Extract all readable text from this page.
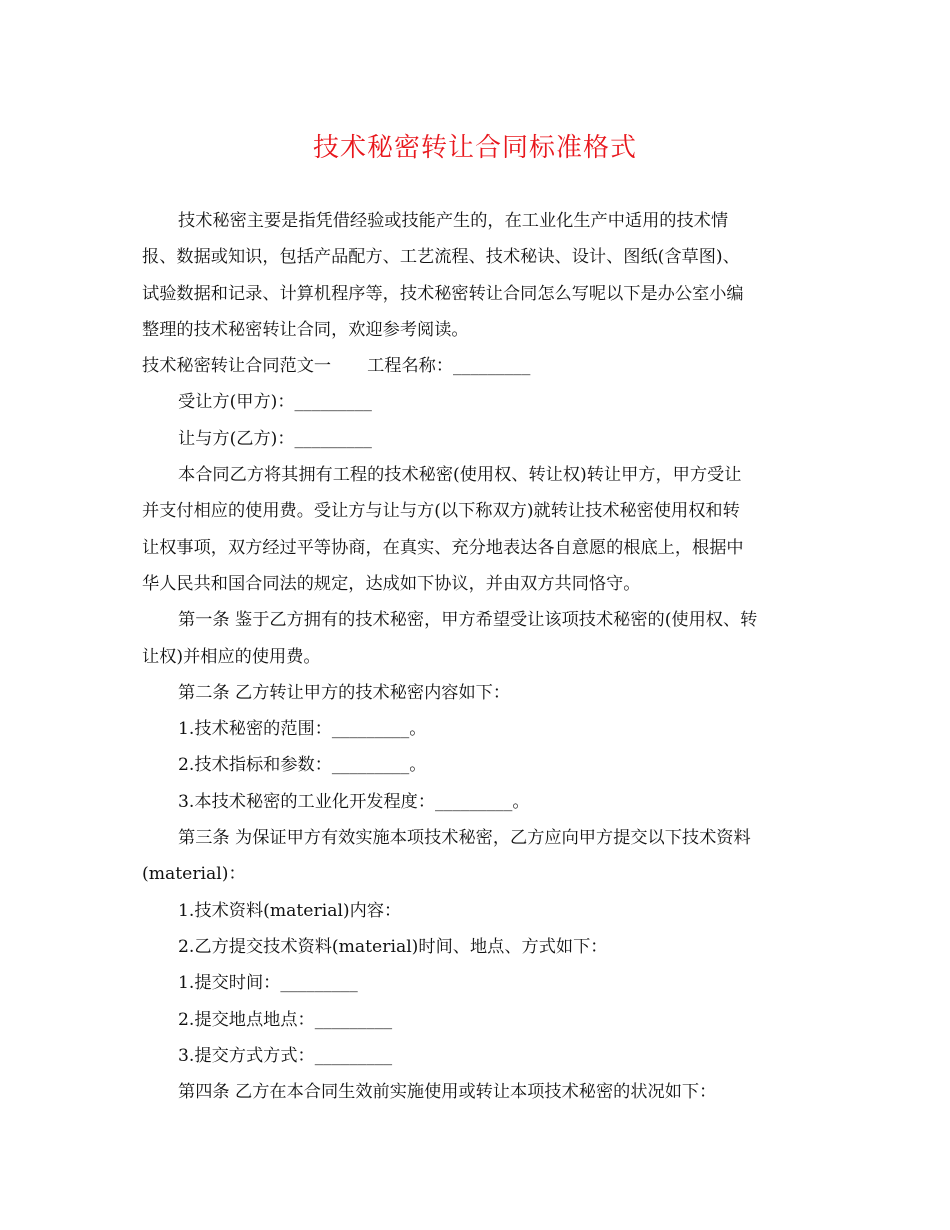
技术秘密转让合同标准格式

技术秘密主要是指凭借经验或技能产生的，在工业化生产中适用的技术情

报、数据或知识，包括产品配方、工艺流程、技术秘诀、设计、图纸(含草图)、

试验数据和记录、计算机程序等，技术秘密转让合同怎么写呢以下是办公室小编

整理的技术秘密转让合同，欢迎参考阅读。

技术秘密转让合同范文一 工程名称：_________

受让方(甲方)：_________

让与方(乙方)：_________

本合同乙方将其拥有工程的技术秘密(使用权、转让权)转让甲方，甲方受让

并支付相应的使用费。受让方与让与方(以下称双方)就转让技术秘密使用权和转

让权事项，双方经过平等协商，在真实、充分地表达各自意愿的根底上，根据中

华人民共和国合同法的规定，达成如下协议，并由双方共同恪守。

第一条 鉴于乙方拥有的技术秘密，甲方希望受让该项技术秘密的(使用权、转

让权)并相应的使用费。

第二条 乙方转让甲方的技术秘密内容如下：

1.技术秘密的范围：_________。

2.技术指标和参数：_________。

3.本技术秘密的工业化开发程度：_________。

第三条 为保证甲方有效实施本项技术秘密，乙方应向甲方提交以下技术资料

(material)：

1.技术资料(material)内容：

2.乙方提交技术资料(material)时间、地点、方式如下：

1.提交时间：_________

2.提交地点地点：_________

3.提交方式方式：_________

第四条 乙方在本合同生效前实施使用或转让本项技术秘密的状况如下：
